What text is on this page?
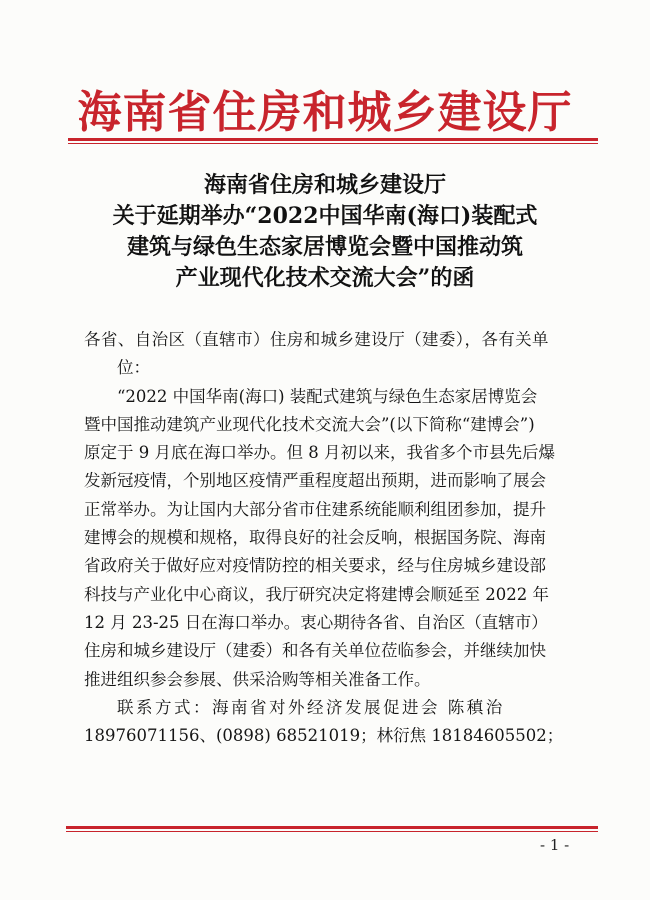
海南省住房和城乡建设厅
海南省住房和城乡建设厅
关于延期举办“2022中国华南(海口)装配式
建筑与绿色生态家居博览会暨中国推动筑
产业现代化技术交流大会”的函
各省、自治区（直辖市）住房和城乡建设厅（建委），各有关单
位：
“2022 中国华南(海口) 装配式建筑与绿色生态家居博览会
暨中国推动建筑产业现代化技术交流大会”(以下简称“建博会”)
原定于 9 月底在海口举办。但 8 月初以来，我省多个市县先后爆
发新冠疫情，个别地区疫情严重程度超出预期，进而影响了展会
正常举办。为让国内大部分省市住建系统能顺利组团参加，提升
建博会的规模和规格，取得良好的社会反响，根据国务院、海南
省政府关于做好应对疫情防控的相关要求，经与住房城乡建设部
科技与产业化中心商议，我厅研究决定将建博会顺延至 2022 年
12 月 23-25 日在海口举办。衷心期待各省、自治区（直辖市）
住房和城乡建设厅（建委）和各有关单位莅临参会，并继续加快
推进组织参会参展、供采洽购等相关准备工作。
联系方式：海南省对外经济发展促进会 陈稹治
18976071156、(0898) 68521019；林衍焦 18184605502；
- 1 -
